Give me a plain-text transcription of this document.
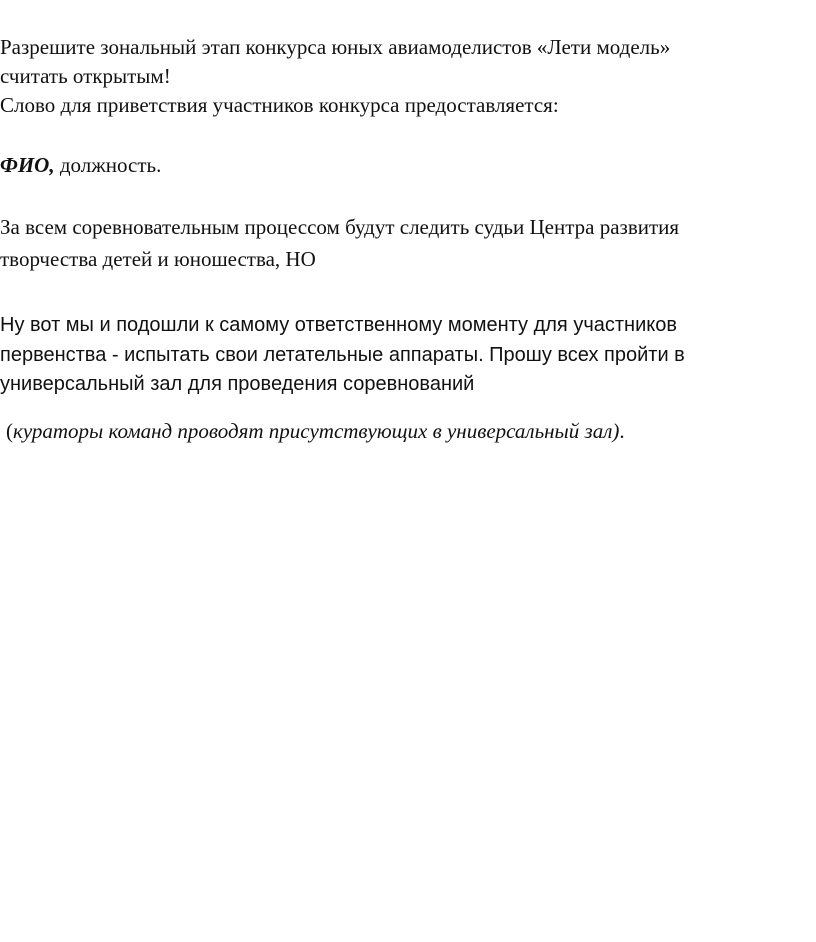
Разрешите зональный этап конкурса юных авиамоделистов «Лети модель»
считать открытым!
Слово для приветствия участников конкурса предоставляется:
ФИО, должность.
За всем соревновательным процессом будут следить судьи Центра развития
творчества детей и юношества, НО
Ну вот мы и подошли к самому ответственному моменту для участников
первенства - испытать свои летательные аппараты. Прошу всех пройти в
универсальный зал для проведения соревнований
(кураторы команд проводят присутствующих в универсальный зал).
